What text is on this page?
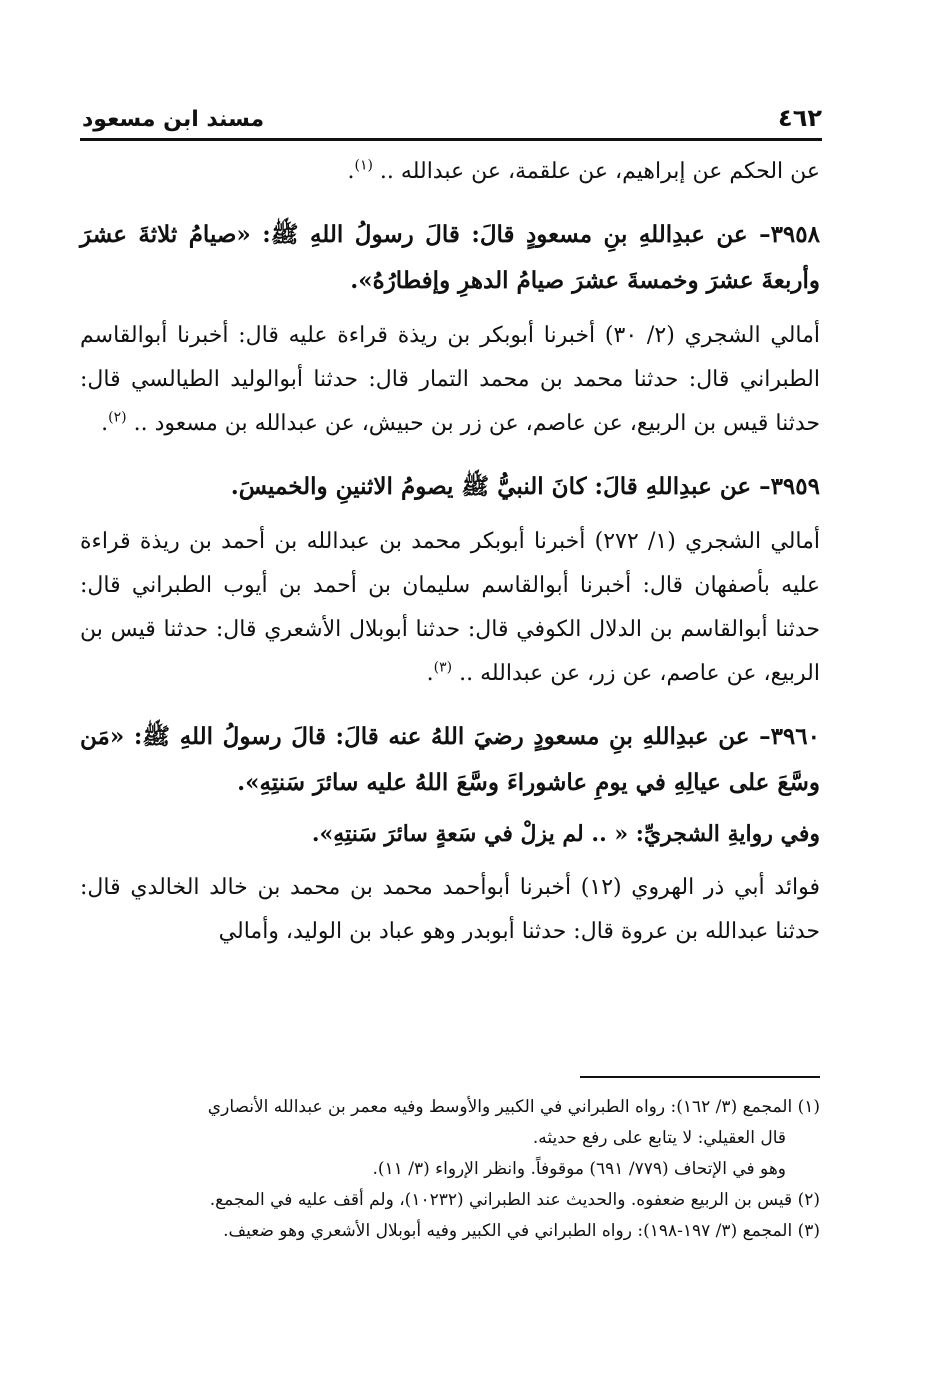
٤٦٢
مسند ابن مسعود

عن الحكم عن إبراهيم، عن علقمة، عن عبدالله .. $^{(١)}$.

٣٩٥٨– عن عبدِاللهِ بنِ مسعودٍ قالَ: قالَ رسولُ اللهِ ﷺ: «صيامُ ثلاثةَ عشرَ وأربعةَ عشرَ وخمسةَ عشرَ صيامُ الدهرِ وإفطارُهُ».

أمالي الشجري (٢/ ٣٠) أخبرنا أبوبكر بن ريذة قراءة عليه قال: أخبرنا أبوالقاسم الطبراني قال: حدثنا محمد بن محمد التمار قال: حدثنا أبوالوليد الطيالسي قال: حدثنا قيس بن الربيع، عن عاصم، عن زر بن حبيش، عن عبدالله بن مسعود .. $^{(٢)}$.

٣٩٥٩– عن عبدِاللهِ قالَ: كانَ النبيُّ ﷺ يصومُ الاثنينِ والخميسَ.

أمالي الشجري (١/ ٢٧٢) أخبرنا أبوبكر محمد بن عبدالله بن أحمد بن ريذة قراءة عليه بأصفهان قال: أخبرنا أبوالقاسم سليمان بن أحمد بن أيوب الطبراني قال: حدثنا أبوالقاسم بن الدلال الكوفي قال: حدثنا أبوبلال الأشعري قال: حدثنا قيس بن الربيع، عن عاصم، عن زر، عن عبدالله .. $^{(٣)}$.

٣٩٦٠– عن عبدِاللهِ بنِ مسعودٍ رضيَ اللهُ عنه قالَ: قالَ رسولُ اللهِ ﷺ: «مَن وسَّعَ على عيالِهِ في يومِ عاشوراءَ وسَّعَ اللهُ عليه سائرَ سَنتِهِ».

وفي روايةِ الشجريِّ: « .. لم يزلْ في سَعةٍ سائرَ سَنتِهِ».

فوائد أبي ذر الهروي (١٢) أخبرنا أبوأحمد محمد بن محمد بن خالد الخالدي قال: حدثنا عبدالله بن عروة قال: حدثنا أبوبدر وهو عباد بن الوليد، وأمالي

(١) المجمع (٣/ ١٦٢): رواه الطبراني في الكبير والأوسط وفيه معمر بن عبدالله الأنصاري

قال العقيلي: لا يتابع على رفع حديثه.

وهو في الإتحاف (٧٧٩/ ٦٩١) موقوفاً. وانظر الإرواء (٣/ ١١).

(٢) قيس بن الربيع ضعفوه. والحديث عند الطبراني (١٠٢٣٢)، ولم أقف عليه في المجمع.

(٣) المجمع (٣/ ١٩٧-١٩٨): رواه الطبراني في الكبير وفيه أبوبلال الأشعري وهو ضعيف.
